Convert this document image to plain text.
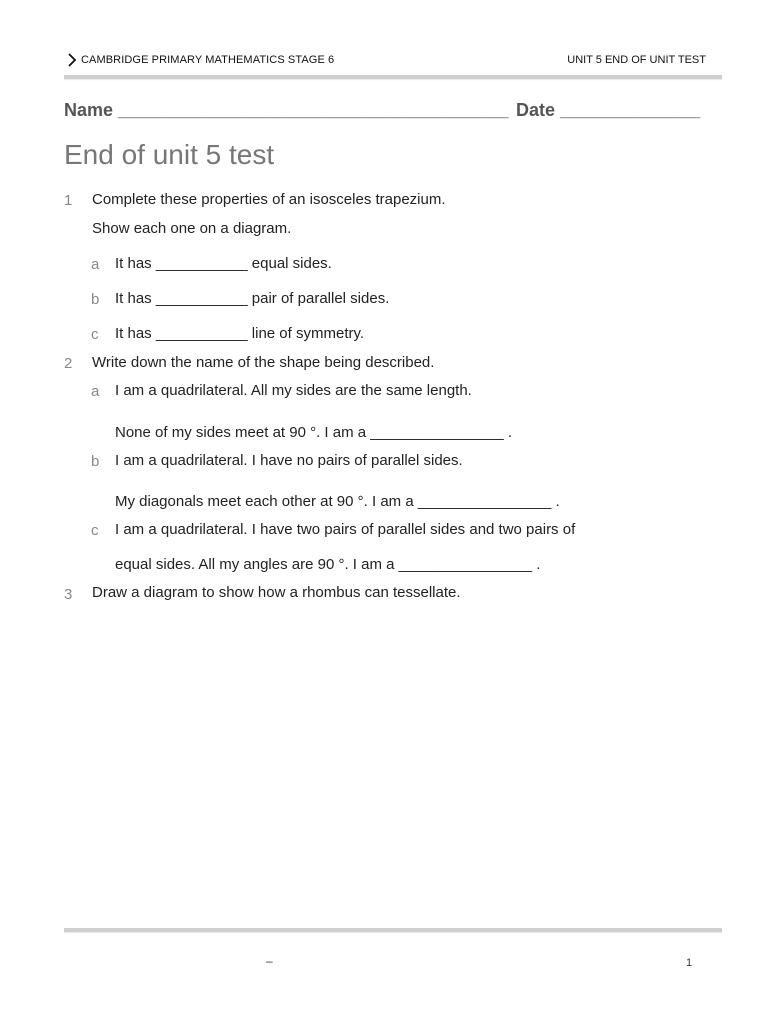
CAMBRIDGE PRIMARY MATHEMATICS STAGE 6	UNIT 5 END OF UNIT TEST
Name _______________________________________ Date ______________
End of unit 5 test
1 Complete these properties of an isosceles trapezium.
Show each one on a diagram.
a It has ___________ equal sides.
b It has ___________ pair of parallel sides.
c It has ___________ line of symmetry.
2 Write down the name of the shape being described.
a I am a quadrilateral. All my sides are the same length.
None of my sides meet at 90 °. I am a ________________ .
b I am a quadrilateral. I have no pairs of parallel sides.
My diagonals meet each other at 90 °. I am a ________________ .
c I am a quadrilateral. I have two pairs of parallel sides and two pairs of
equal sides. All my angles are 90 °. I am a ________________ .
3 Draw a diagram to show how a rhombus can tessellate.
–	1
